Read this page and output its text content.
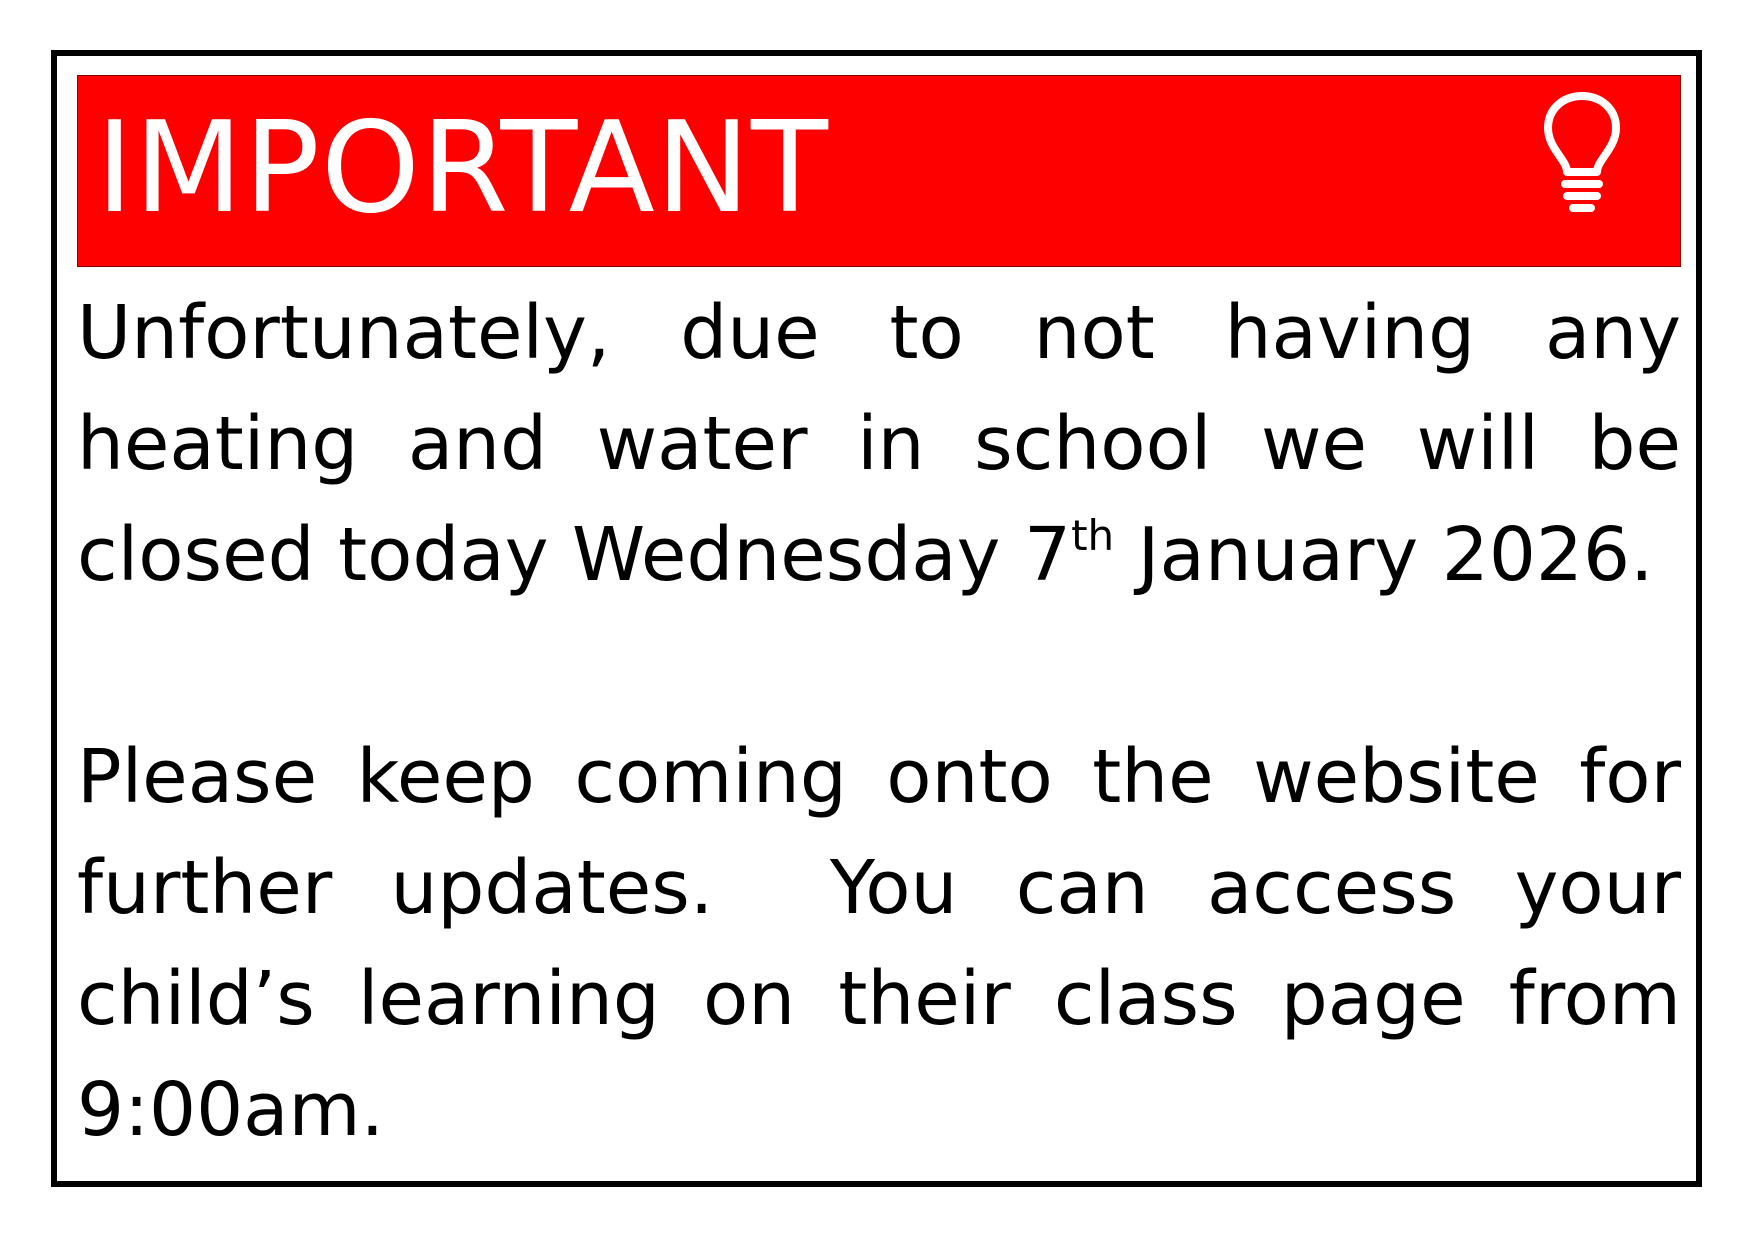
IMPORTANT

Unfortunately, due to not having any heating and water in school we will be closed today Wednesday 7th January 2026.

Please keep coming onto the website for further updates.  You can access your child’s learning on their class page from 9:00am.
